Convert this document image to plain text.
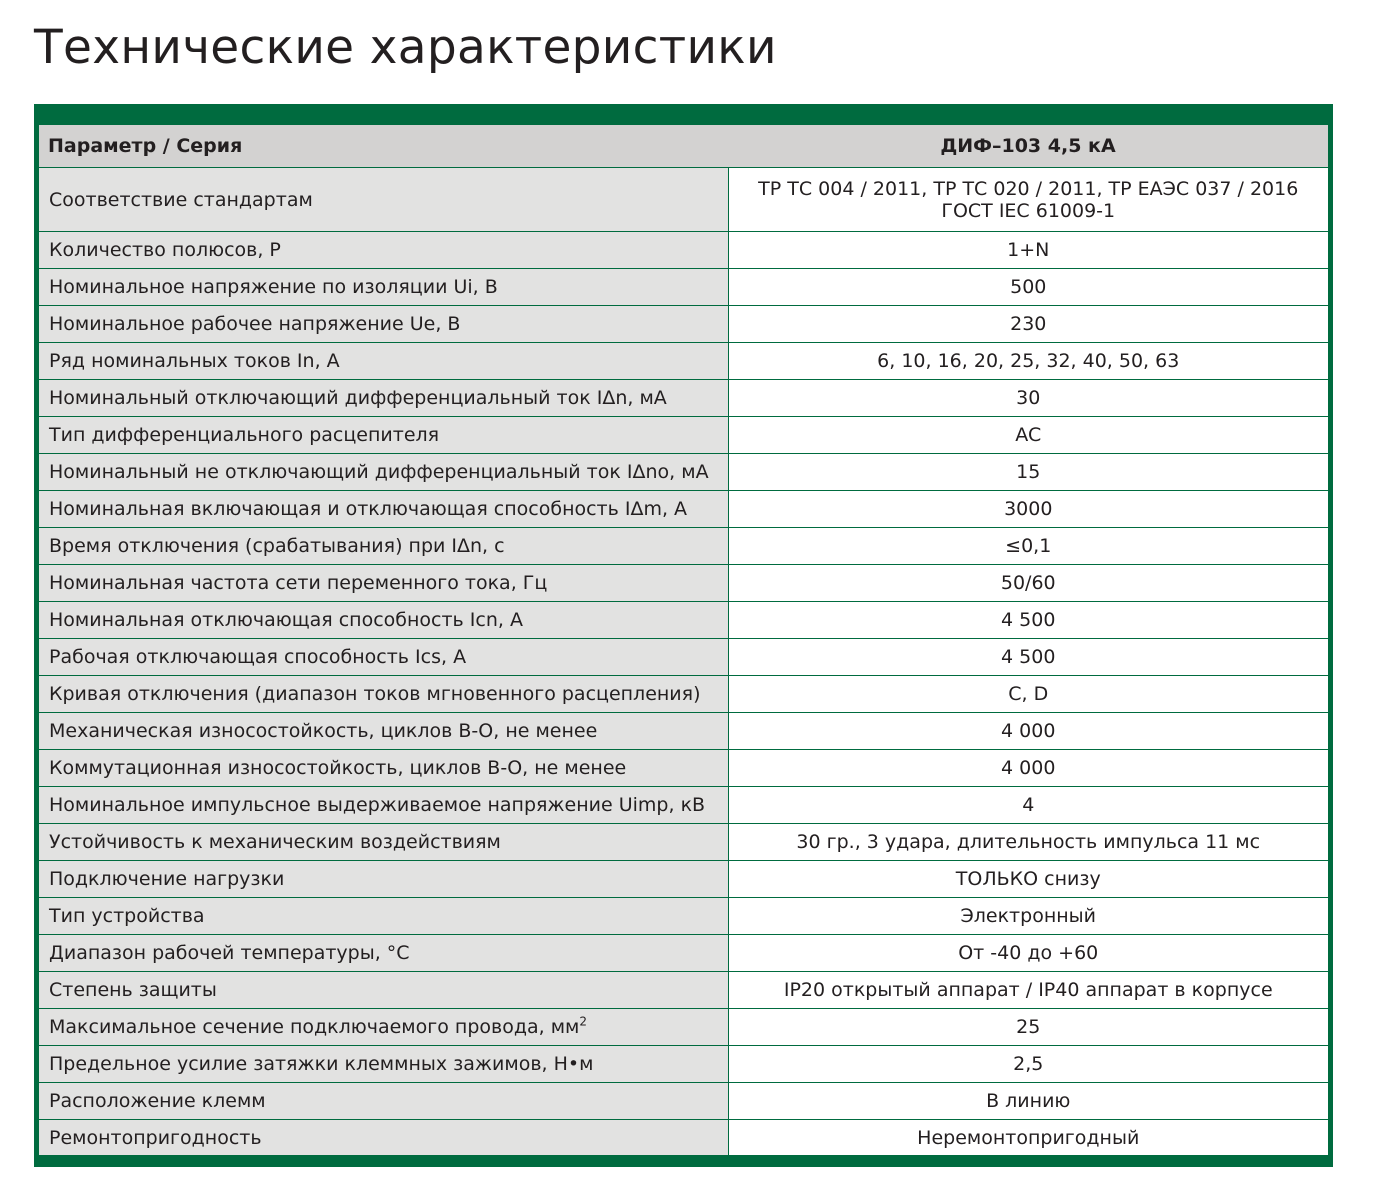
Технические характеристики
Параметр / Серия	ДИФ–103 4,5 кА
Соответствие стандартам	ТР ТС 004 / 2011, ТР ТС 020 / 2011, ТР ЕАЭС 037 / 2016
ГОСТ IEC 61009-1

Количество полюсов, Р	1+N
Номинальное напряжение по изоляции Ui, В	500
Номинальное рабочее напряжение Ue, В	230
Ряд номинальных токов In, А	6, 10, 16, 20, 25, 32, 40, 50, 63
Номинальный отключающий дифференциальный ток IΔn, мА	30
Тип дифференциального расцепителя	AC
Номинальный не отключающий дифференциальный ток IΔno, мА	15
Номинальная включающая и отключающая способность IΔm, А	3000
Время отключения (срабатывания) при IΔn, с	≤0,1
Номинальная частота сети переменного тока, Гц	50/60
Номинальная отключающая способность Icn, А	4 500
Рабочая отключающая способность Ics, А	4 500
Кривая отключения (диапазон токов мгновенного расцепления)	C, D
Механическая износостойкость, циклов В-О, не менее	4 000
Коммутационная износостойкость, циклов В-О, не менее	4 000
Номинальное импульсное выдерживаемое напряжение Uimp, кВ	4
Устойчивость к механическим воздействиям	30 гр., 3 удара, длительность импульса 11 мс
Подключение нагрузки	ТОЛЬКО снизу
Тип устройства	Электронный
Диапазон рабочей температуры, °С	От -40 до +60
Степень защиты	IP20 открытый аппарат / IP40 аппарат в корпусе
Максимальное сечение подключаемого провода, $мм^2$	25
Предельное усилие затяжки клеммных зажимов, Н•м	2,5
Расположение клемм	В линию
Ремонтопригодность	Неремонтопригодный
